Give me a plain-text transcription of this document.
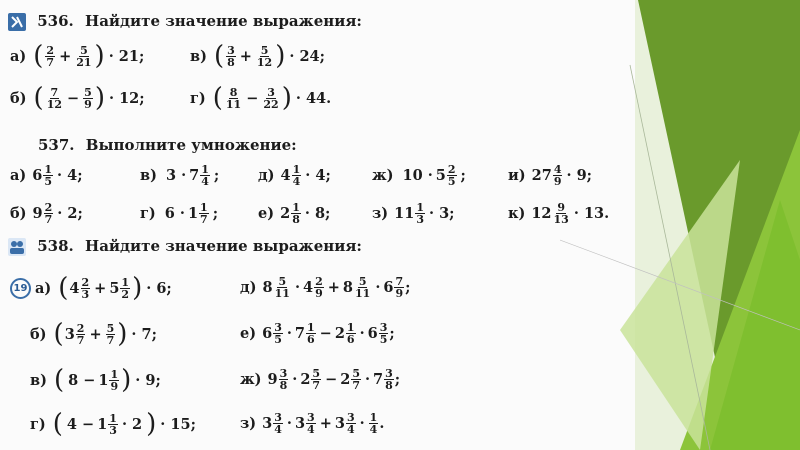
536. Найдите значение выражения:
а) ( $\frac{2}{7} + \frac{5}{21}$ ) · 21;	в) ( $\frac{3}{8} + \frac{5}{12}$ ) · 24;
б) ( $\frac{7}{12} - \frac{5}{9}$ ) · 12;	г) ( $\frac{8}{11} - \frac{3}{22}$ ) · 44.
537. Выполните умножение:
538. Найдите значение выражения:
а) $6 \frac{1}{5} \cdot 4$;	в) $3 \cdot 7 \frac{1}{4}$ ;	д) $4 \frac{1}{4} \cdot 4$;	ж) $10 \cdot 5 \frac{2}{5}$ ;	и) $27 \frac{4}{9} \cdot 9$;
б) $9 \frac{2}{7} \cdot 2$;	г) $6 \cdot 1 \frac{1}{7}$ ;	е) $2 \frac{1}{8} \cdot 8$;	з) $11 \frac{1}{3} \cdot 3$;	к) $12 \frac{9}{13} \cdot 13$.
19 а) ( $4 \frac{2}{3} + 5 \frac{1}{2}$ ) · 6;
б) ( $3 \frac{2}{7} + \frac{5}{7}$ ) · 7;
в) ( $8 - 1 \frac{1}{9}$ ) · 9;
г) ( $4 - 1 \frac{1}{3} \cdot 2$ ) · 15;
д) $8 \frac{5}{11} \cdot 4 \frac{2}{9} + 8 \frac{5}{11} \cdot 6 \frac{7}{9}$ ;
е) $6 \frac{3}{5} \cdot 7 \frac{1}{6} - 2 \frac{1}{6} \cdot 6 \frac{3}{5}$ ;
ж) $9 \frac{3}{8} \cdot 2 \frac{5}{7} - 2 \frac{5}{7} \cdot 7 \frac{3}{8}$ ;
з) $3 \frac{3}{4} \cdot 3 \frac{3}{4} + 3 \frac{3}{4} \cdot \frac{1}{4}$ .
